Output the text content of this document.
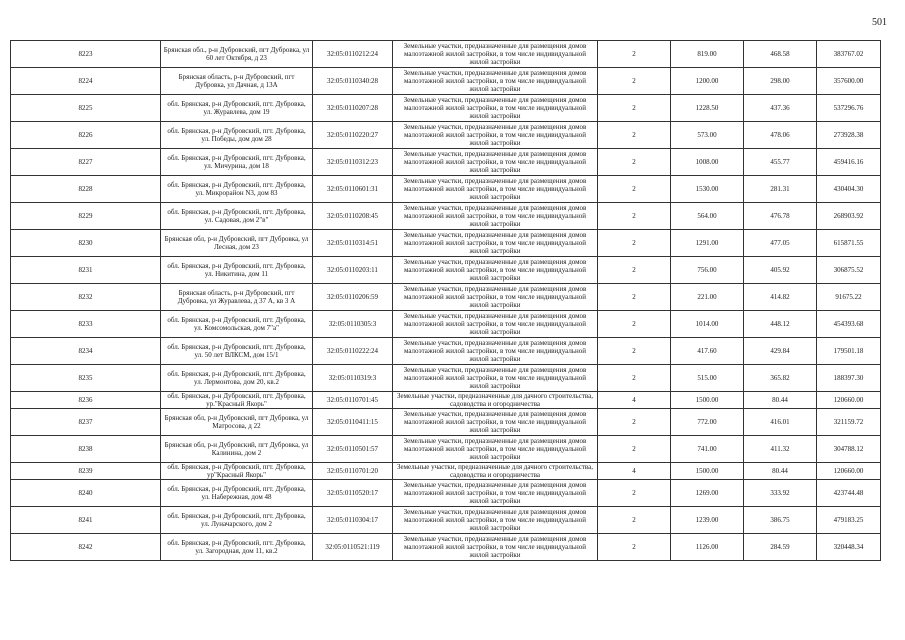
501
8223	Брянская обл., р-н Дубровский, пгт Дубровка, ул 60 лет Октября, д 23	32:05:0110212:24	Земельные участки, предназначенные для размещения домов малоэтажной жилой застройки, в том числе индивидуальной жилой застройки	2	819.00	468.58	383767.02
8224	Брянская область, р-н Дубровский, пгт Дубровка, ул Дачная, д 13А	32:05:0110340:28	Земельные участки, предназначенные для размещения домов малоэтажной жилой застройки, в том числе индивидуальной жилой застройки	2	1200.00	298.00	357600.00
8225	обл. Брянская, р-н Дубровский, пгт. Дубровка, ул. Журавлева, дом 19	32:05:0110207:28	Земельные участки, предназначенные для размещения домов малоэтажной жилой застройки, в том числе индивидуальной жилой застройки	2	1228.50	437.36	537296.76
8226	обл. Брянская, р-н Дубровский, пгт. Дубровка, ул. Победы, дом дом 28	32:05:0110220:27	Земельные участки, предназначенные для размещения домов малоэтажной жилой застройки, в том числе индивидуальной жилой застройки	2	573.00	478.06	273928.38
8227	обл. Брянская, р-н Дубровский, пгт. Дубровка, ул. Мичурина, дом 18	32:05:0110312:23	Земельные участки, предназначенные для размещения домов малоэтажной жилой застройки, в том числе индивидуальной жилой застройки	2	1008.00	455.77	459416.16
8228	обл. Брянская, р-н Дубровский, пгт. Дубровка, ул. Микрорайон N3, дом 83	32:05:0110601:31	Земельные участки, предназначенные для размещения домов малоэтажной жилой застройки, в том числе индивидуальной жилой застройки	2	1530.00	281.31	430404.30
8229	обл. Брянская, р-н Дубровский, пгт. Дубровка, ул. Садовая, дом 2"в"	32:05:0110208:45	Земельные участки, предназначенные для размещения домов малоэтажной жилой застройки, в том числе индивидуальной жилой застройки	2	564.00	476.78	268903.92
8230	Брянская обл, р-н Дубровский, пгт Дубровка, ул Лесная, дом 23	32:05:0110314:51	Земельные участки, предназначенные для размещения домов малоэтажной жилой застройки, в том числе индивидуальной жилой застройки	2	1291.00	477.05	615871.55
8231	обл. Брянская, р-н Дубровский, пгт. Дубровка, ул. Никитина, дом 11	32:05:0110203:11	Земельные участки, предназначенные для размещения домов малоэтажной жилой застройки, в том числе индивидуальной жилой застройки	2	756.00	405.92	306875.52
8232	Брянская область, р-н Дубровский, пгт Дубровка, ул Журавлева, д 37 А, кв 3 А	32:05:0110206:59	Земельные участки, предназначенные для размещения домов малоэтажной жилой застройки, в том числе индивидуальной жилой застройки	2	221.00	414.82	91675.22
8233	обл. Брянская, р-н Дубровский, пгт. Дубровка, ул. Комсомольская, дом 7"а"	32:05:0110305:3	Земельные участки, предназначенные для размещения домов малоэтажной жилой застройки, в том числе индивидуальной жилой застройки	2	1014.00	448.12	454393.68
8234	обл. Брянская, р-н Дубровский, пгт. Дубровка, ул. 50 лет ВЛКСМ, дом 15/1	32:05:0110222:24	Земельные участки, предназначенные для размещения домов малоэтажной жилой застройки, в том числе индивидуальной жилой застройки	2	417.60	429.84	179501.18
8235	обл. Брянская, р-н Дубровский, пгт. Дубровка, ул. Лермонтова, дом 20, кв.2	32:05:0110319:3	Земельные участки, предназначенные для размещения домов малоэтажной жилой застройки, в том числе индивидуальной жилой застройки	2	515.00	365.82	188397.30
8236	обл. Брянская, р-н Дубровский, пгт. Дубровка, ур."Красный Якорь"	32:05:0110701:45	Земельные участки, предназначенные для дачного строительства, садоводства и огородничества	4	1500.00	80.44	120660.00
8237	Брянская обл, р-н Дубровский, пгт Дубровка, ул Матросова, д 22	32:05:0110411:15	Земельные участки, предназначенные для размещения домов малоэтажной жилой застройки, в том числе индивидуальной жилой застройки	2	772.00	416.01	321159.72
8238	Брянская обл, р-н Дубровский, пгт Дубровка, ул Калинина, дом 2	32:05:0110501:57	Земельные участки, предназначенные для размещения домов малоэтажной жилой застройки, в том числе индивидуальной жилой застройки	2	741.00	411.32	304788.12
8239	обл. Брянская, р-н Дубровский, пгт. Дубровка, ур"Красный Якорь"	32:05:0110701:20	Земельные участки, предназначенные для дачного строительства, садоводства и огородничества	4	1500.00	80.44	120660.00
8240	обл. Брянская, р-н Дубровский, пгт. Дубровка, ул. Набережная, дом 48	32:05:0110520:17	Земельные участки, предназначенные для размещения домов малоэтажной жилой застройки, в том числе индивидуальной жилой застройки	2	1269.00	333.92	423744.48
8241	обл. Брянская, р-н Дубровский, пгт. Дубровка, ул. Луначарского, дом 2	32:05:0110304:17	Земельные участки, предназначенные для размещения домов малоэтажной жилой застройки, в том числе индивидуальной жилой застройки	2	1239.00	386.75	479183.25
8242	обл. Брянская, р-н Дубровский, пгт. Дубровка, ул. Загородная, дом 11, кв.2	32:05:0110521:119	Земельные участки, предназначенные для размещения домов малоэтажной жилой застройки, в том числе индивидуальной жилой застройки	2	1126.00	284.59	320448.34
